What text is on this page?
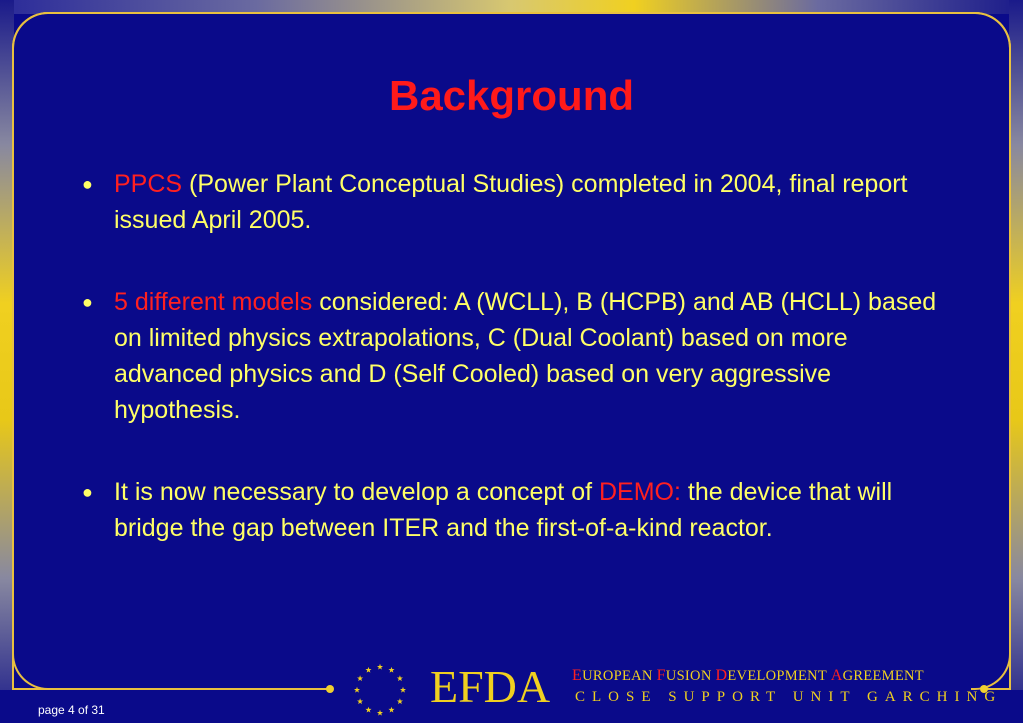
Background
● PPCS (Power Plant Conceptual Studies) completed in 2004, final report issued April 2005.
● 5 different models considered: A (WCLL), B (HCPB) and AB (HCLL) based on limited physics extrapolations, C (Dual Coolant) based on more advanced physics and D (Self Cooled) based on very aggressive hypothesis.
● It is now necessary to develop a concept of DEMO: the device that will bridge the gap between ITER and the first-of-a-kind reactor.
EFDA EUROPEAN FUSION DEVELOPMENT AGREEMENT
CLOSE SUPPORT UNIT GARCHING
page 4 of 31
